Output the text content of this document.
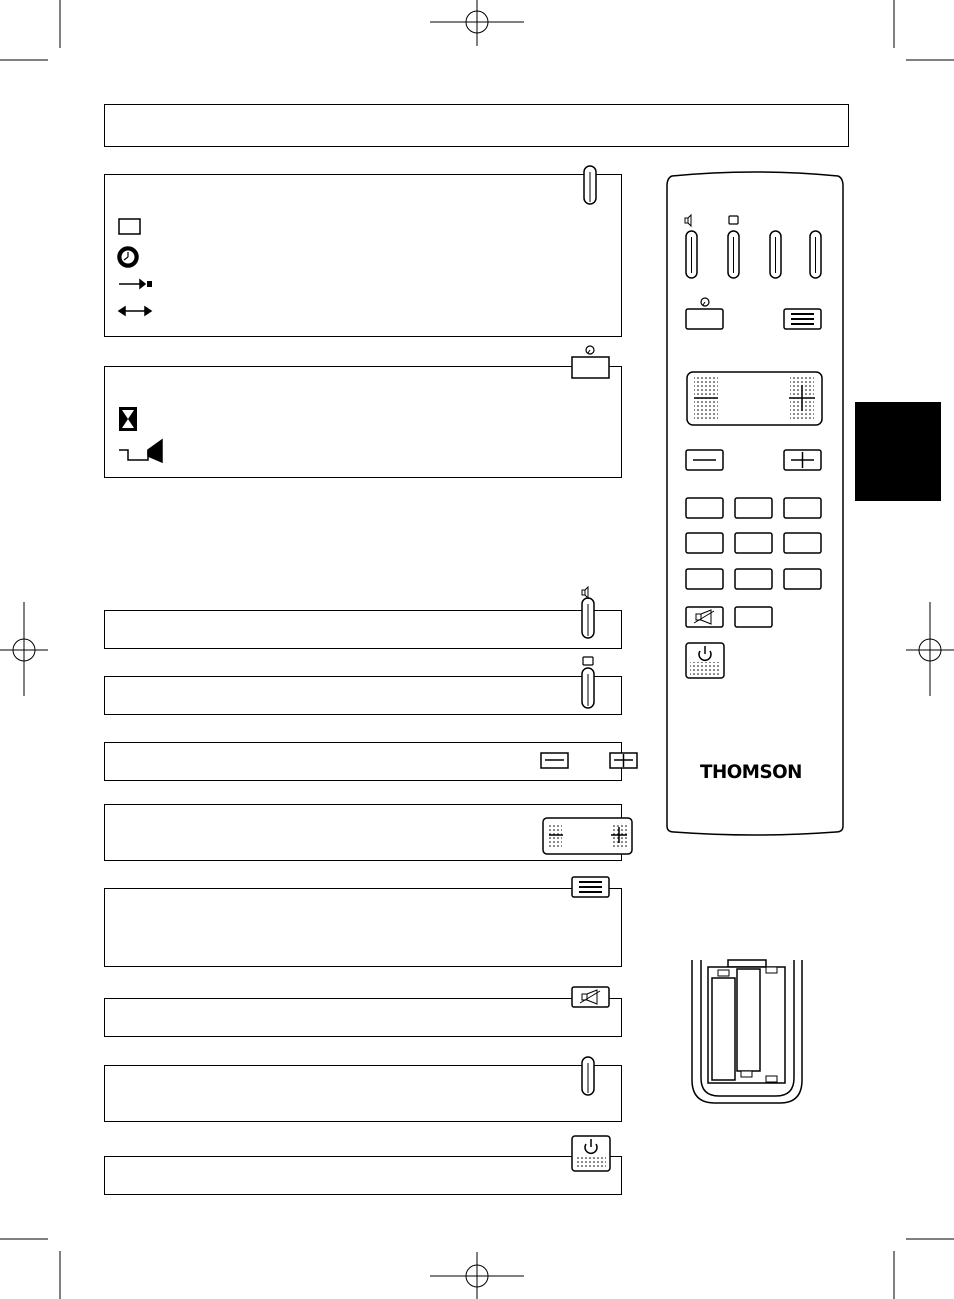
THOMSON
